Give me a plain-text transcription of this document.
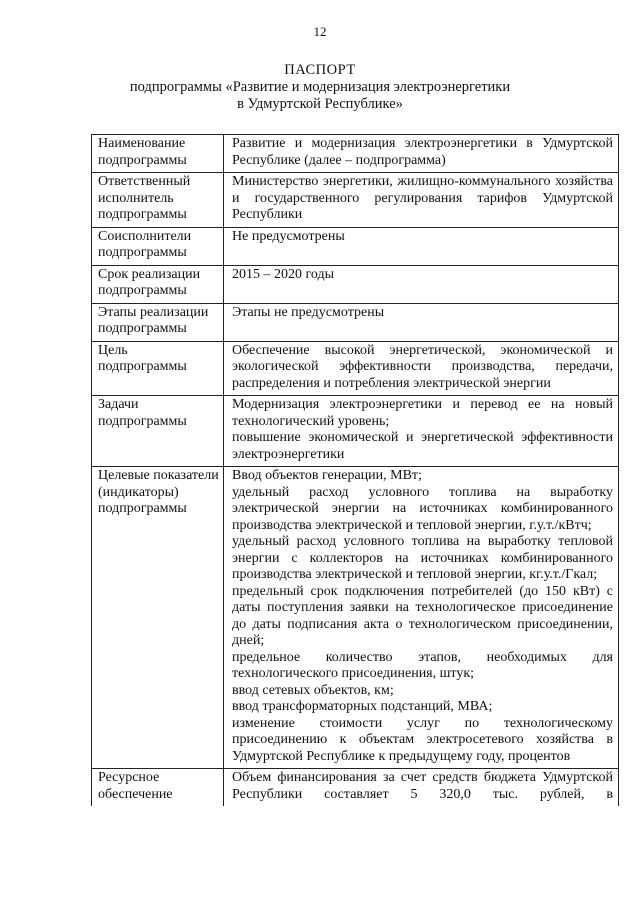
12
ПАСПОРТ
подпрограммы «Развитие и модернизация электроэнергетики
в Удмуртской Республике»
Наименование подпрограммы
Развитие и модернизация электроэнергетики в Удмуртской Республике (далее – подпрограмма)
Ответственный исполнитель подпрограммы
Министерство энергетики, жилищно-коммунального хозяйства и государственного регулирования тарифов Удмуртской Республики
Соисполнители подпрограммы
Не предусмотрены
Срок реализации подпрограммы
2015 – 2020 годы
Этапы реализации подпрограммы
Этапы не предусмотрены
Цель подпрограммы
Обеспечение высокой энергетической, экономической и экологической эффективности производства, передачи, распределения и потребления электрической энергии
Задачи подпрограммы
Модернизация электроэнергетики и перевод ее на новый технологический уровень;
повышение экономической и энергетической эффективности электроэнергетики
Целевые показатели (индикаторы) подпрограммы
Ввод объектов генерации, МВт;
удельный расход условного топлива на выработку электрической энергии на источниках комбинированного производства электрической и тепловой энергии, г.у.т./кВтч;
удельный расход условного топлива на выработку тепловой энергии с коллекторов на источниках комбинированного производства электрической и тепловой энергии, кг.у.т./Гкал;
предельный срок подключения потребителей (до 150 кВт) с даты поступления заявки на технологическое присоединение до даты подписания акта о технологическом присоединении, дней;
предельное количество этапов, необходимых для технологического присоединения, штук;
ввод сетевых объектов, км;
ввод трансформаторных подстанций, МВА;
изменение стоимости услуг по технологическому присоединению к объектам электросетевого хозяйства в Удмуртской Республике к предыдущему году, процентов
Ресурсное обеспечение
Объем финансирования за счет средств бюджета Удмуртской Республики составляет 5 320,0 тыс. рублей, в
